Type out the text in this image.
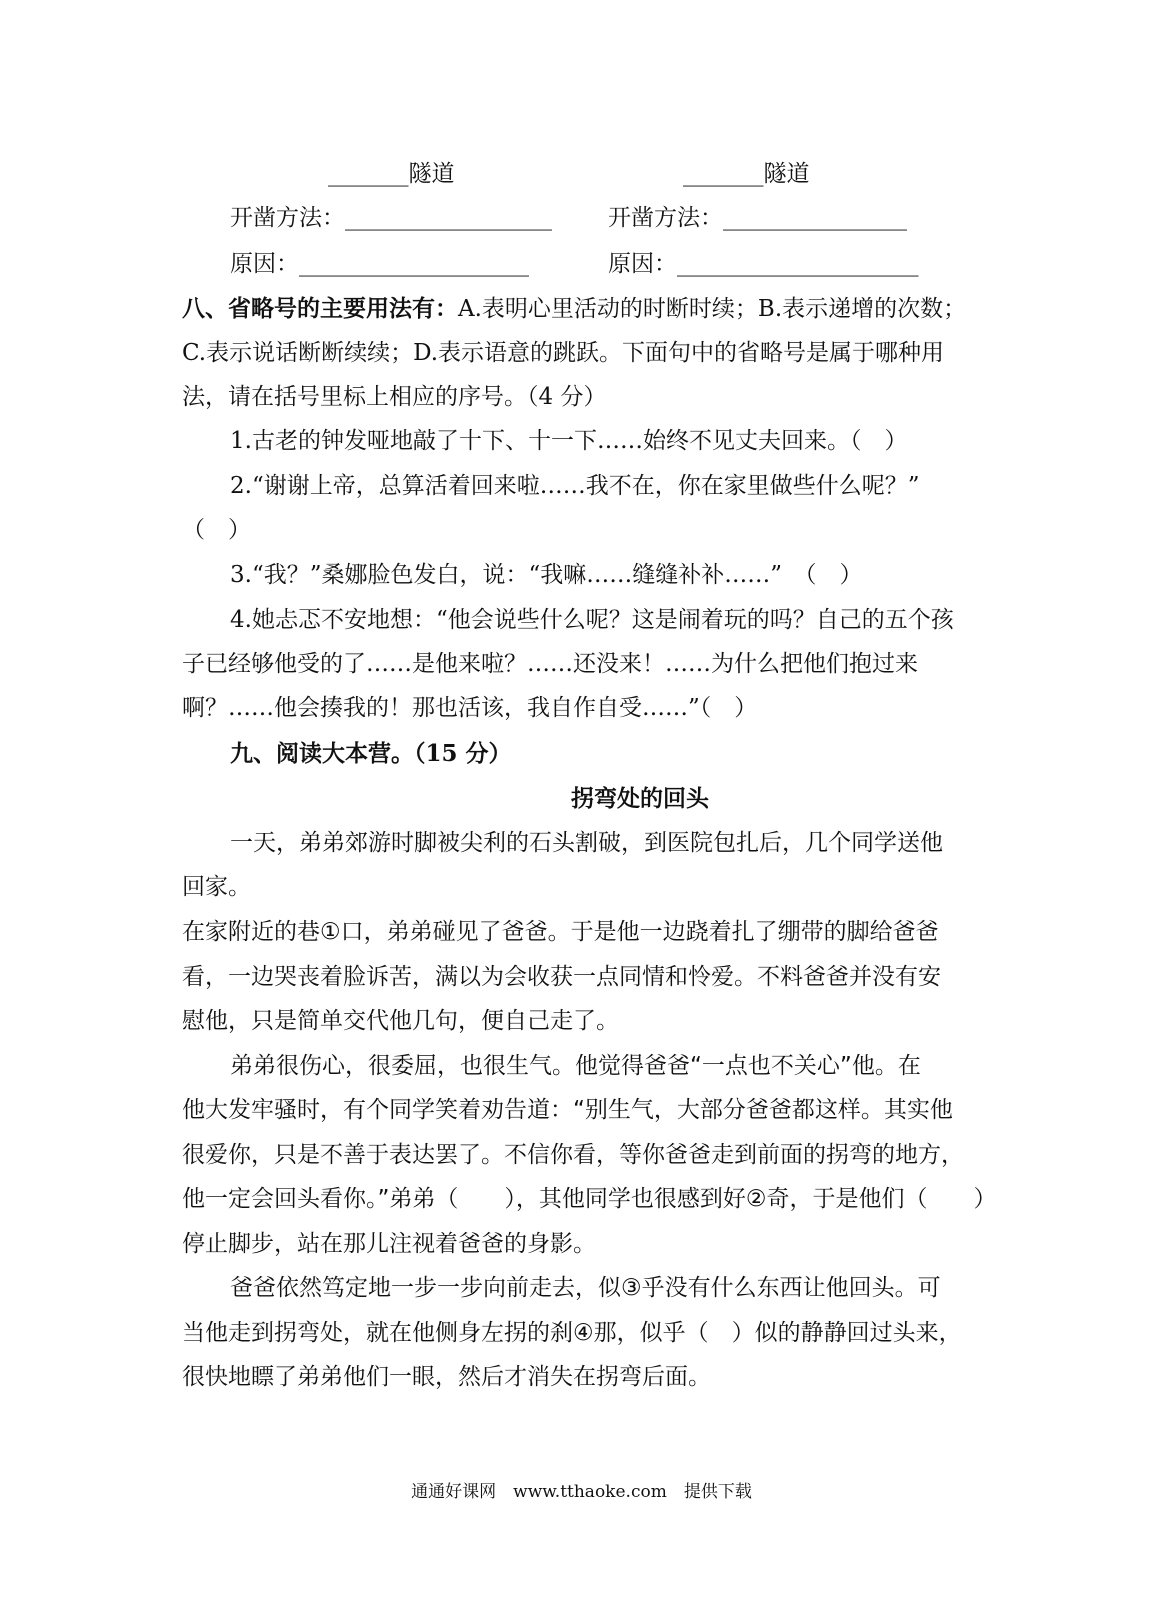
_______隧道	_______隧道
开凿方法：__________________ 开凿方法：________________
原因：____________________	原因：_____________________
八、省略号的主要用法有：A.表明心里活动的时断时续；B.表示递增的次数；
C.表示说话断断续续；D.表示语意的跳跃。下面句中的省略号是属于哪种用
法，请在括号里标上相应的序号。（4 分）
1.古老的钟发哑地敲了十下、十一下……始终不见丈夫回来。（　）
2.“谢谢上帝，总算活着回来啦……我不在，你在家里做些什么呢？”
（　）
3.“我？”桑娜脸色发白，说：“我嘛……缝缝补补……”　（　）
4.她忐忑不安地想：“他会说些什么呢？这是闹着玩的吗？自己的五个孩
子已经够他受的了……是他来啦？……还没来！……为什么把他们抱过来
啊？……他会揍我的！那也活该，我自作自受……”（　）
九、阅读大本营。（15 分）
拐弯处的回头
一天，弟弟郊游时脚被尖利的石头割破，到医院包扎后，几个同学送他
回家。
在家附近的巷①口，弟弟碰见了爸爸。于是他一边跷着扎了绷带的脚给爸爸
看，一边哭丧着脸诉苦，满以为会收获一点同情和怜爱。不料爸爸并没有安
慰他，只是简单交代他几句，便自己走了。
弟弟很伤心，很委屈，也很生气。他觉得爸爸“一点也不关心”他。在
他大发牢骚时，有个同学笑着劝告道：“别生气，大部分爸爸都这样。其实他
很爱你，只是不善于表达罢了。不信你看，等你爸爸走到前面的拐弯的地方，
他一定会回头看你。”弟弟（　　），其他同学也很感到好②奇，于是他们（　　）
停止脚步，站在那儿注视着爸爸的身影。
爸爸依然笃定地一步一步向前走去，似③乎没有什么东西让他回头。可
当他走到拐弯处，就在他侧身左拐的刹④那，似乎（　）似的静静回过头来，
很快地瞟了弟弟他们一眼，然后才消失在拐弯后面。
通通好课网　www.tthaoke.com　提供下载
